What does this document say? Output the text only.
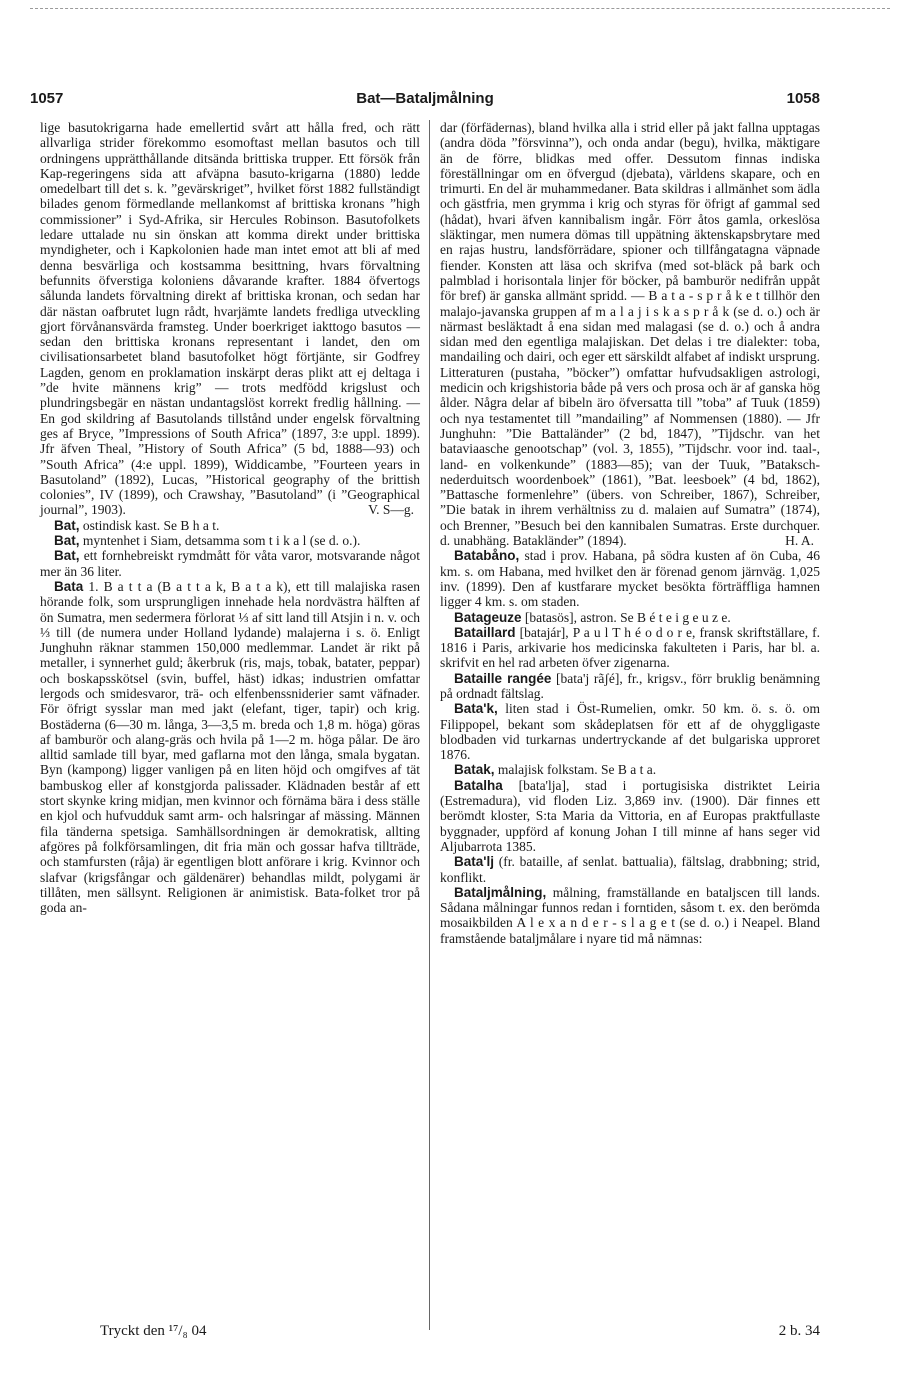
1057	Bat—Bataljmålning	1058

lige basutokrigarna hade emellertid svårt att hålla fred, och rätt allvarliga strider förekommo esomoftast mellan basutos och till ordningens upprätthållande ditsända brittiska trupper. Ett försök från Kap-regeringens sida att afväpna basuto-krigarna (1880) ledde omedelbart till det s. k. ”gevärskriget”, hvilket först 1882 fullständigt bilades genom förmedlande mellankomst af brittiska kronans ”high commissioner” i Syd-Afrika, sir Hercules Robinson. Basutofolkets ledare uttalade nu sin önskan att komma direkt under brittiska myndigheter, och i Kapkolonien hade man intet emot att bli af med denna besvärliga och kostsamma besittning, hvars förvaltning befunnits öfverstiga koloniens dåvarande krafter. 1884 öfvertogs sålunda landets förvaltning direkt af brittiska kronan, och sedan har där nästan oafbrutet lugn rådt, hvarjämte landets fredliga utveckling gjort förvånansvärda framsteg. Under boerkriget iakttogo basutos — sedan den brittiska kronans representant i landet, den om civilisationsarbetet bland basutofolket högt förtjänte, sir Godfrey Lagden, genom en proklamation inskärpt deras plikt att ej deltaga i ”de hvite männens krig” — trots medfödd krigslust och plundringsbegär en nästan undantagslöst korrekt fredlig hållning. — En god skildring af Basutolands tillstånd under engelsk förvaltning ges af Bryce, ”Impressions of South Africa” (1897, 3:e uppl. 1899). Jfr äfven Theal, ”History of South Africa” (5 bd, 1888—93) och ”South Africa” (4:e uppl. 1899), Widdicambe, ”Fourteen years in Basutoland” (1892), Lucas, ”Historical geography of the brittish colonies”, IV (1899), och Crawshay, ”Basutoland” (i ”Geographical journal”, 1903).	V. S—g.

Bat, ostindisk kast. Se B h a t.

Bat, myntenhet i Siam, detsamma som t i k a l (se d. o.).

Bat, ett fornhebreiskt rymdmått för våta varor, motsvarande något mer än 36 liter.

Bata 1. B a t t a (B a t t a k, B a t a k), ett till malajiska rasen hörande folk, som ursprungligen innehade hela nordvästra hälften af ön Sumatra, men sedermera förlorat ⅓ af sitt land till Atsjin i n. v. och ⅓ till (de numera under Holland lydande) malajerna i s. ö. Enligt Junghuhn räknar stammen 150,000 medlemmar. Landet är rikt på metaller, i synnerhet guld; åkerbruk (ris, majs, tobak, batater, peppar) och boskapsskötsel (svin, buffel, häst) idkas; industrien omfattar lergods och smidesvaror, trä- och elfenbenssniderier samt väfnader. För öfrigt sysslar man med jakt (elefant, tiger, tapir) och krig. Bostäderna (6—30 m. långa, 3—3,5 m. breda och 1,8 m. höga) göras af bamburör och alang-gräs och hvila på 1—2 m. höga pålar. De äro alltid samlade till byar, med gaflarna mot den långa, smala bygatan. Byn (kampong) ligger vanligen på en liten höjd och omgifves af tät bambuskog eller af konstgjorda palissader. Klädnaden består af ett stort skynke kring midjan, men kvinnor och förnäma bära i dess ställe en kjol och hufvudduk samt arm- och halsringar af mässing. Männen fila tänderna spetsiga. Samhällsordningen är demokratisk, allting afgöres på folkförsamlingen, dit fria män och gossar hafva tillträde, och stamfursten (råja) är egentligen blott anförare i krig. Kvinnor och slafvar (krigsfångar och gäldenärer) behandlas mildt, polygami är tillåten, men sällsynt. Religionen är animistisk. Bata-folket tror på goda an-

dar (förfädernas), bland hvilka alla i strid eller på jakt fallna upptagas (andra döda ”försvinna”), och onda andar (begu), hvilka, mäktigare än de förre, blidkas med offer. Dessutom finnas indiska föreställningar om en öfvergud (djebata), världens skapare, och en trimurti. En del är muhammedaner. Bata skildras i allmänhet som ädla och gästfria, men grymma i krig och styras för öfrigt af gammal sed (hådat), hvari äfven kannibalism ingår. Förr åtos gamla, orkeslösa släktingar, men numera dömas till uppätning äktenskapsbrytare med en rajas hustru, landsförrädare, spioner och tillfångatagna väpnade fiender. Konsten att läsa och skrifva (med sot-bläck på bark och palmblad i horisontala linjer för böcker, på bamburör nedifrån uppåt för bref) är ganska allmänt spridd. — B a t a - s p r å k e t tillhör den malajo-javanska gruppen af m a l a j i s k a s p r å k (se d. o.) och är närmast besläktadt å ena sidan med malagasi (se d. o.) och å andra sidan med den egentliga malajiskan. Det delas i tre dialekter: toba, mandailing och dairi, och eger ett särskildt alfabet af indiskt ursprung. Litteraturen (pustaha, ”böcker”) omfattar hufvudsakligen astrologi, medicin och krigshistoria både på vers och prosa och är af ganska hög ålder. Några delar af bibeln äro öfversatta till ”toba” af Tuuk (1859) och nya testamentet till ”mandailing” af Nommensen (1880). — Jfr Junghuhn: ”Die Battaländer” (2 bd, 1847), ”Tijdschr. van het bataviaasche genootschap” (vol. 3, 1855), ”Tijdschr. voor ind. taal-, land- en volkenkunde” (1883—85); van der Tuuk, ”Bataksch-nederduitsch woordenboek” (1861), ”Bat. leesboek” (4 bd, 1862), ”Battasche formenlehre” (übers. von Schreiber, 1867), Schreiber, ”Die batak in ihrem verhältniss zu d. malaien auf Sumatra” (1874), och Brenner, ”Besuch bei den kannibalen Sumatras. Erste durchquer. d. unabhäng. Batakländer” (1894).	H. A.

Batabåno, stad i prov. Habana, på södra kusten af ön Cuba, 46 km. s. om Habana, med hvilket den är förenad genom järnväg. 1,025 inv. (1899). Den af kustfarare mycket besökta förträffliga hamnen ligger 4 km. s. om staden.

Batageuze [batasös], astron. Se B é t e i g e u z e.

Bataillard [batajár], P a u l T h é o d o r e, fransk skriftställare, f. 1816 i Paris, arkivarie hos medicinska fakulteten i Paris, har bl. a. skrifvit en hel rad arbeten öfver zigenarna.

Bataille rangée [bata'j rãʃé], fr., krigsv., förr bruklig benämning på ordnadt fältslag.

Bata'k, liten stad i Öst-Rumelien, omkr. 50 km. ö. s. ö. om Filippopel, bekant som skådeplatsen för ett af de ohyggligaste blodbaden vid turkarnas undertryckande af det bulgariska upproret 1876.

Batak, malajisk folkstam. Se B a t a.

Batalha [bata'lja], stad i portugisiska distriktet Leiria (Estremadura), vid floden Liz. 3,869 inv. (1900). Där finnes ett berömdt kloster, S:ta Maria da Vittoria, en af Europas praktfullaste byggnader, uppförd af konung Johan I till minne af hans seger vid Aljubarrota 1385.

Bata'lj (fr. bataille, af senlat. battualia), fältslag, drabbning; strid, konflikt.

Bataljmålning, målning, framställande en bataljscen till lands. Sådana målningar funnos redan i forntiden, såsom t. ex. den berömda mosaikbilden A l e x a n d e r - s l a g e t (se d. o.) i Neapel. Bland framstående bataljmålare i nyare tid må nämnas:

Tryckt den ¹⁷/₈ 04	2 b. 34
